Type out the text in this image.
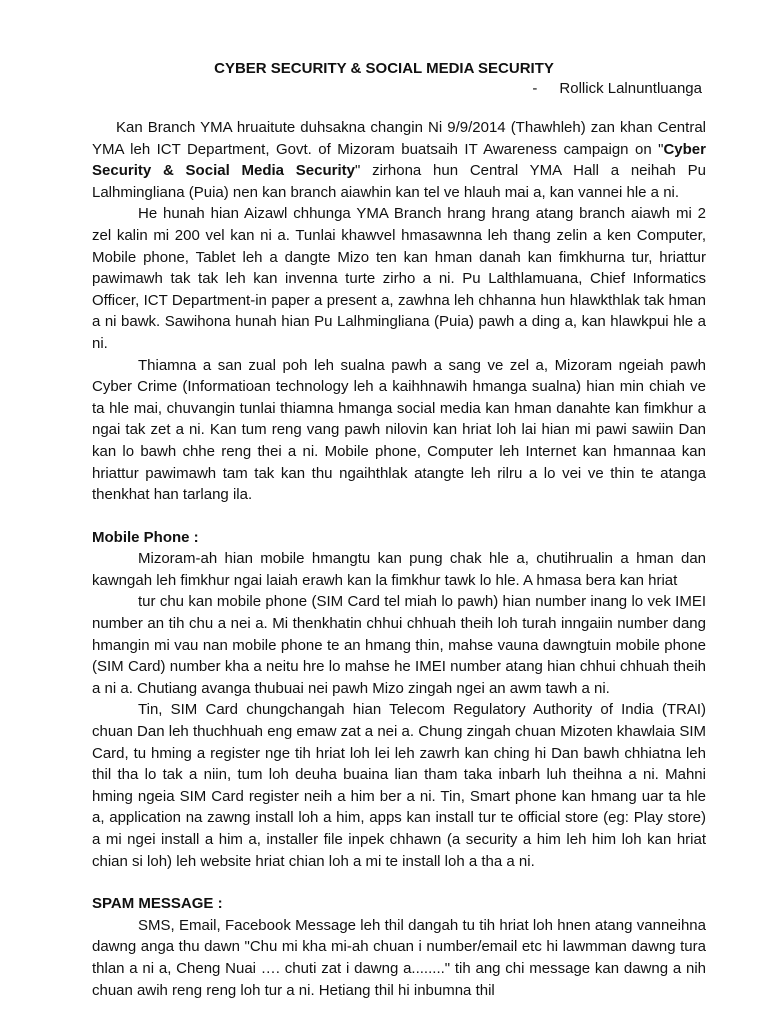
CYBER SECURITY & SOCIAL MEDIA SECURITY
- Rollick Lalnuntluanga

Kan Branch YMA hruaitute duhsakna changin Ni 9/9/2014 (Thawhleh) zan khan Central YMA leh ICT Department, Govt. of Mizoram buatsaih IT Awareness campaign on "Cyber Security & Social Media Security" zirhona hun Central YMA Hall a neihah Pu Lalhmingliana (Puia) nen kan branch aiawhin kan tel ve hlauh mai a, kan vannei hle a ni.

He hunah hian Aizawl chhunga YMA Branch hrang hrang atang branch aiawh mi 2 zel kalin mi 200 vel kan ni a. Tunlai khawvel hmasawnna leh thang zelin a ken Computer, Mobile phone, Tablet leh a dangte Mizo ten kan hman danah kan fimkhurna tur, hriattur pawimawh tak tak leh kan invenna turte zirho a ni. Pu Lalthlamuana, Chief Informatics Officer, ICT Department-in paper a present a, zawhna leh chhanna hun hlawkthlak tak hman a ni bawk. Sawihona hunah hian Pu Lalhmingliana (Puia) pawh a ding a, kan hlawkpui hle a ni.

Thiamna a san zual poh leh sualna pawh a sang ve zel a, Mizoram ngeiah pawh Cyber Crime (Informatioan technology leh a kaihhnawih hmanga sualna) hian min chiah ve ta hle mai, chuvangin tunlai thiamna hmanga social media kan hman danahte kan fimkhur a ngai tak zet a ni. Kan tum reng vang pawh nilovin kan hriat loh lai hian mi pawi sawiin Dan kan lo bawh chhe reng thei a ni. Mobile phone, Computer leh Internet kan hmannaa kan hriattur pawimawh tam tak kan thu ngaihthlak atangte leh rilru a lo vei ve thin te atanga thenkhat han tarlang ila.

Mobile Phone :

Mizoram-ah hian mobile hmangtu kan pung chak hle a, chutihrualin a hman dan kawngah leh fimkhur ngai laiah erawh kan la fimkhur tawk lo hle. A hmasa bera kan hriat

tur chu kan mobile phone (SIM Card tel miah lo pawh) hian number inang lo vek IMEI number an tih chu a nei a. Mi thenkhatin chhui chhuah theih loh turah inngaiin number dang hmangin mi vau nan mobile phone te an hmang thin, mahse vauna dawngtuin mobile phone (SIM Card) number kha a neitu hre lo mahse he IMEI number atang hian chhui chhuah theih a ni a. Chutiang avanga thubuai nei pawh Mizo zingah ngei an awm tawh a ni.

Tin, SIM Card chungchangah hian Telecom Regulatory Authority of India (TRAI) chuan Dan leh thuchhuah eng emaw zat a nei a. Chung zingah chuan Mizoten khawlaia SIM Card, tu hming a register nge tih hriat loh lei leh zawrh kan ching hi Dan bawh chhiatna leh thil tha lo tak a niin, tum loh deuha buaina lian tham taka inbarh luh theihna a ni. Mahni hming ngeia SIM Card register neih a him ber a ni. Tin, Smart phone kan hmang uar ta hle a, application na zawng install loh a him, apps kan install tur te official store (eg: Play store) a mi ngei install a him a, installer file inpek chhawn (a security a him leh him loh kan hriat chian si loh) leh website hriat chian loh a mi te install loh a tha a ni.

SPAM MESSAGE :

SMS, Email, Facebook Message leh thil dangah tu tih hriat loh hnen atang vanneihna dawng anga thu dawn "Chu mi kha mi-ah chuan i number/email etc hi lawmman dawng tura thlan a ni a, Cheng Nuai …. chuti zat i dawng a........" tih ang chi message kan dawng a nih chuan awih reng reng loh tur a ni. Hetiang thil hi inbumna thil
